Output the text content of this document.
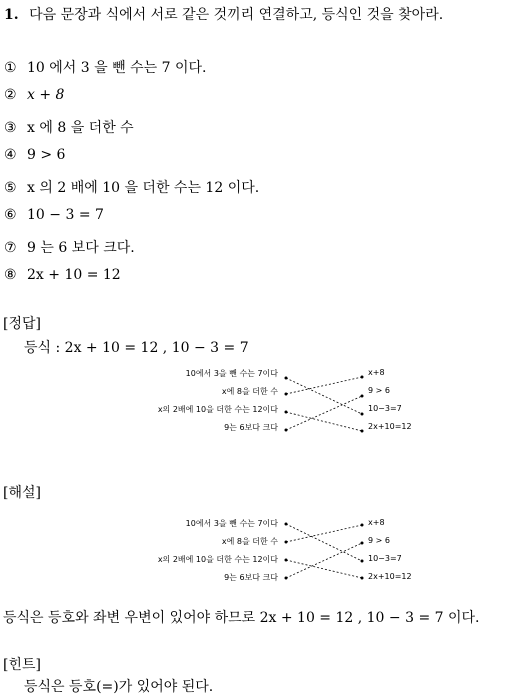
1. 다음 문장과 식에서 서로 같은 것끼리 연결하고, 등식인 것을 찾아라.
① 10 에서 3 을 뺀 수는 7 이다.
② x + 8
③ x 에 8 을 더한 수
④ 9 > 6
⑤ x 의 2 배에 10 을 더한 수는 12 이다.
⑥ 10 − 3 = 7
⑦ 9 는 6 보다 크다.
⑧ 2x + 10 = 12
[정답]
등식 : 2x + 10 = 12 , 10 − 3 = 7
10에서 3을 뺀 수는 7이다
x에 8을 더한 수
x의 2배에 10을 더한 수는 12이다
9는 6보다 크다
x+8
9 > 6
10−3=7
2x+10=12
[해설]
10에서 3을 뺀 수는 7이다
x에 8을 더한 수
x의 2배에 10을 더한 수는 12이다
9는 6보다 크다
x+8
9 > 6
10−3=7
2x+10=12
등식은 등호와 좌변 우변이 있어야 하므로 2x + 10 = 12 , 10 − 3 = 7 이다.
[힌트]
등식은 등호(=)가 있어야 된다.
